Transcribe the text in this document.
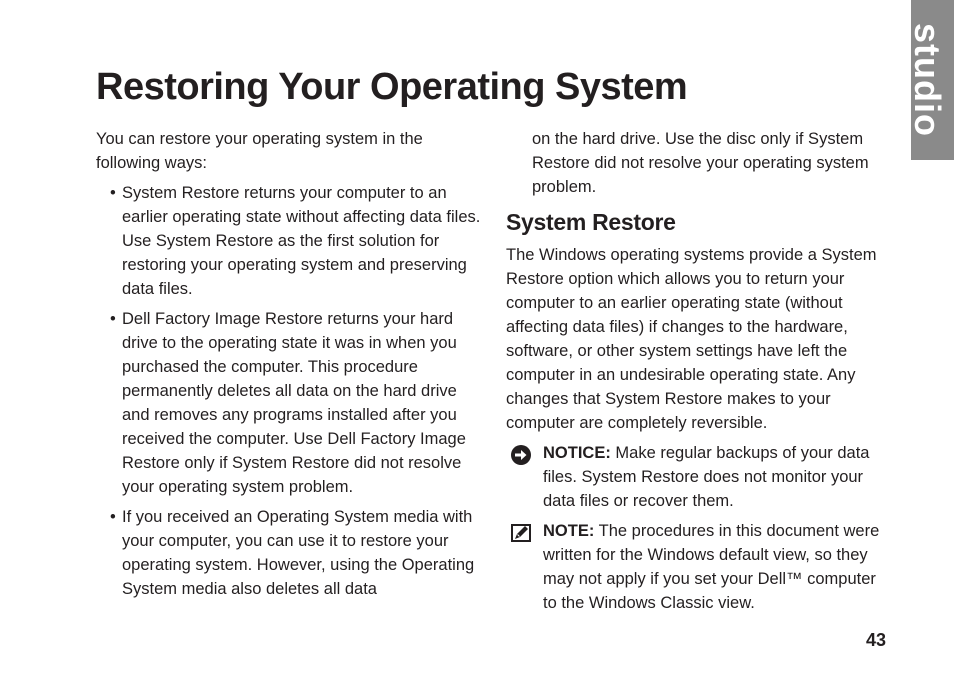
studio
Restoring Your Operating System

You can restore your operating system in the following ways:

• System Restore returns your computer to an earlier operating state without affecting data files. Use System Restore as the first solution for restoring your operating system and preserving data files.
• Dell Factory Image Restore returns your hard drive to the operating state it was in when you purchased the computer. This procedure permanently deletes all data on the hard drive and removes any programs installed after you received the computer. Use Dell Factory Image Restore only if System Restore did not resolve your operating system problem.
• If you received an Operating System media with your computer, you can use it to restore your operating system. However, using the Operating System media also deletes all data

on the hard drive. Use the disc only if System Restore did not resolve your operating system problem.

System Restore

The Windows operating systems provide a System Restore option which allows you to return your computer to an earlier operating state (without affecting data files) if changes to the hardware, software, or other system settings have left the computer in an undesirable operating state. Any changes that System Restore makes to your computer are completely reversible.

NOTICE: Make regular backups of your data files. System Restore does not monitor your data files or recover them.
NOTE: The procedures in this document were written for the Windows default view, so they may not apply if you set your Dell™ computer to the Windows Classic view.
43
